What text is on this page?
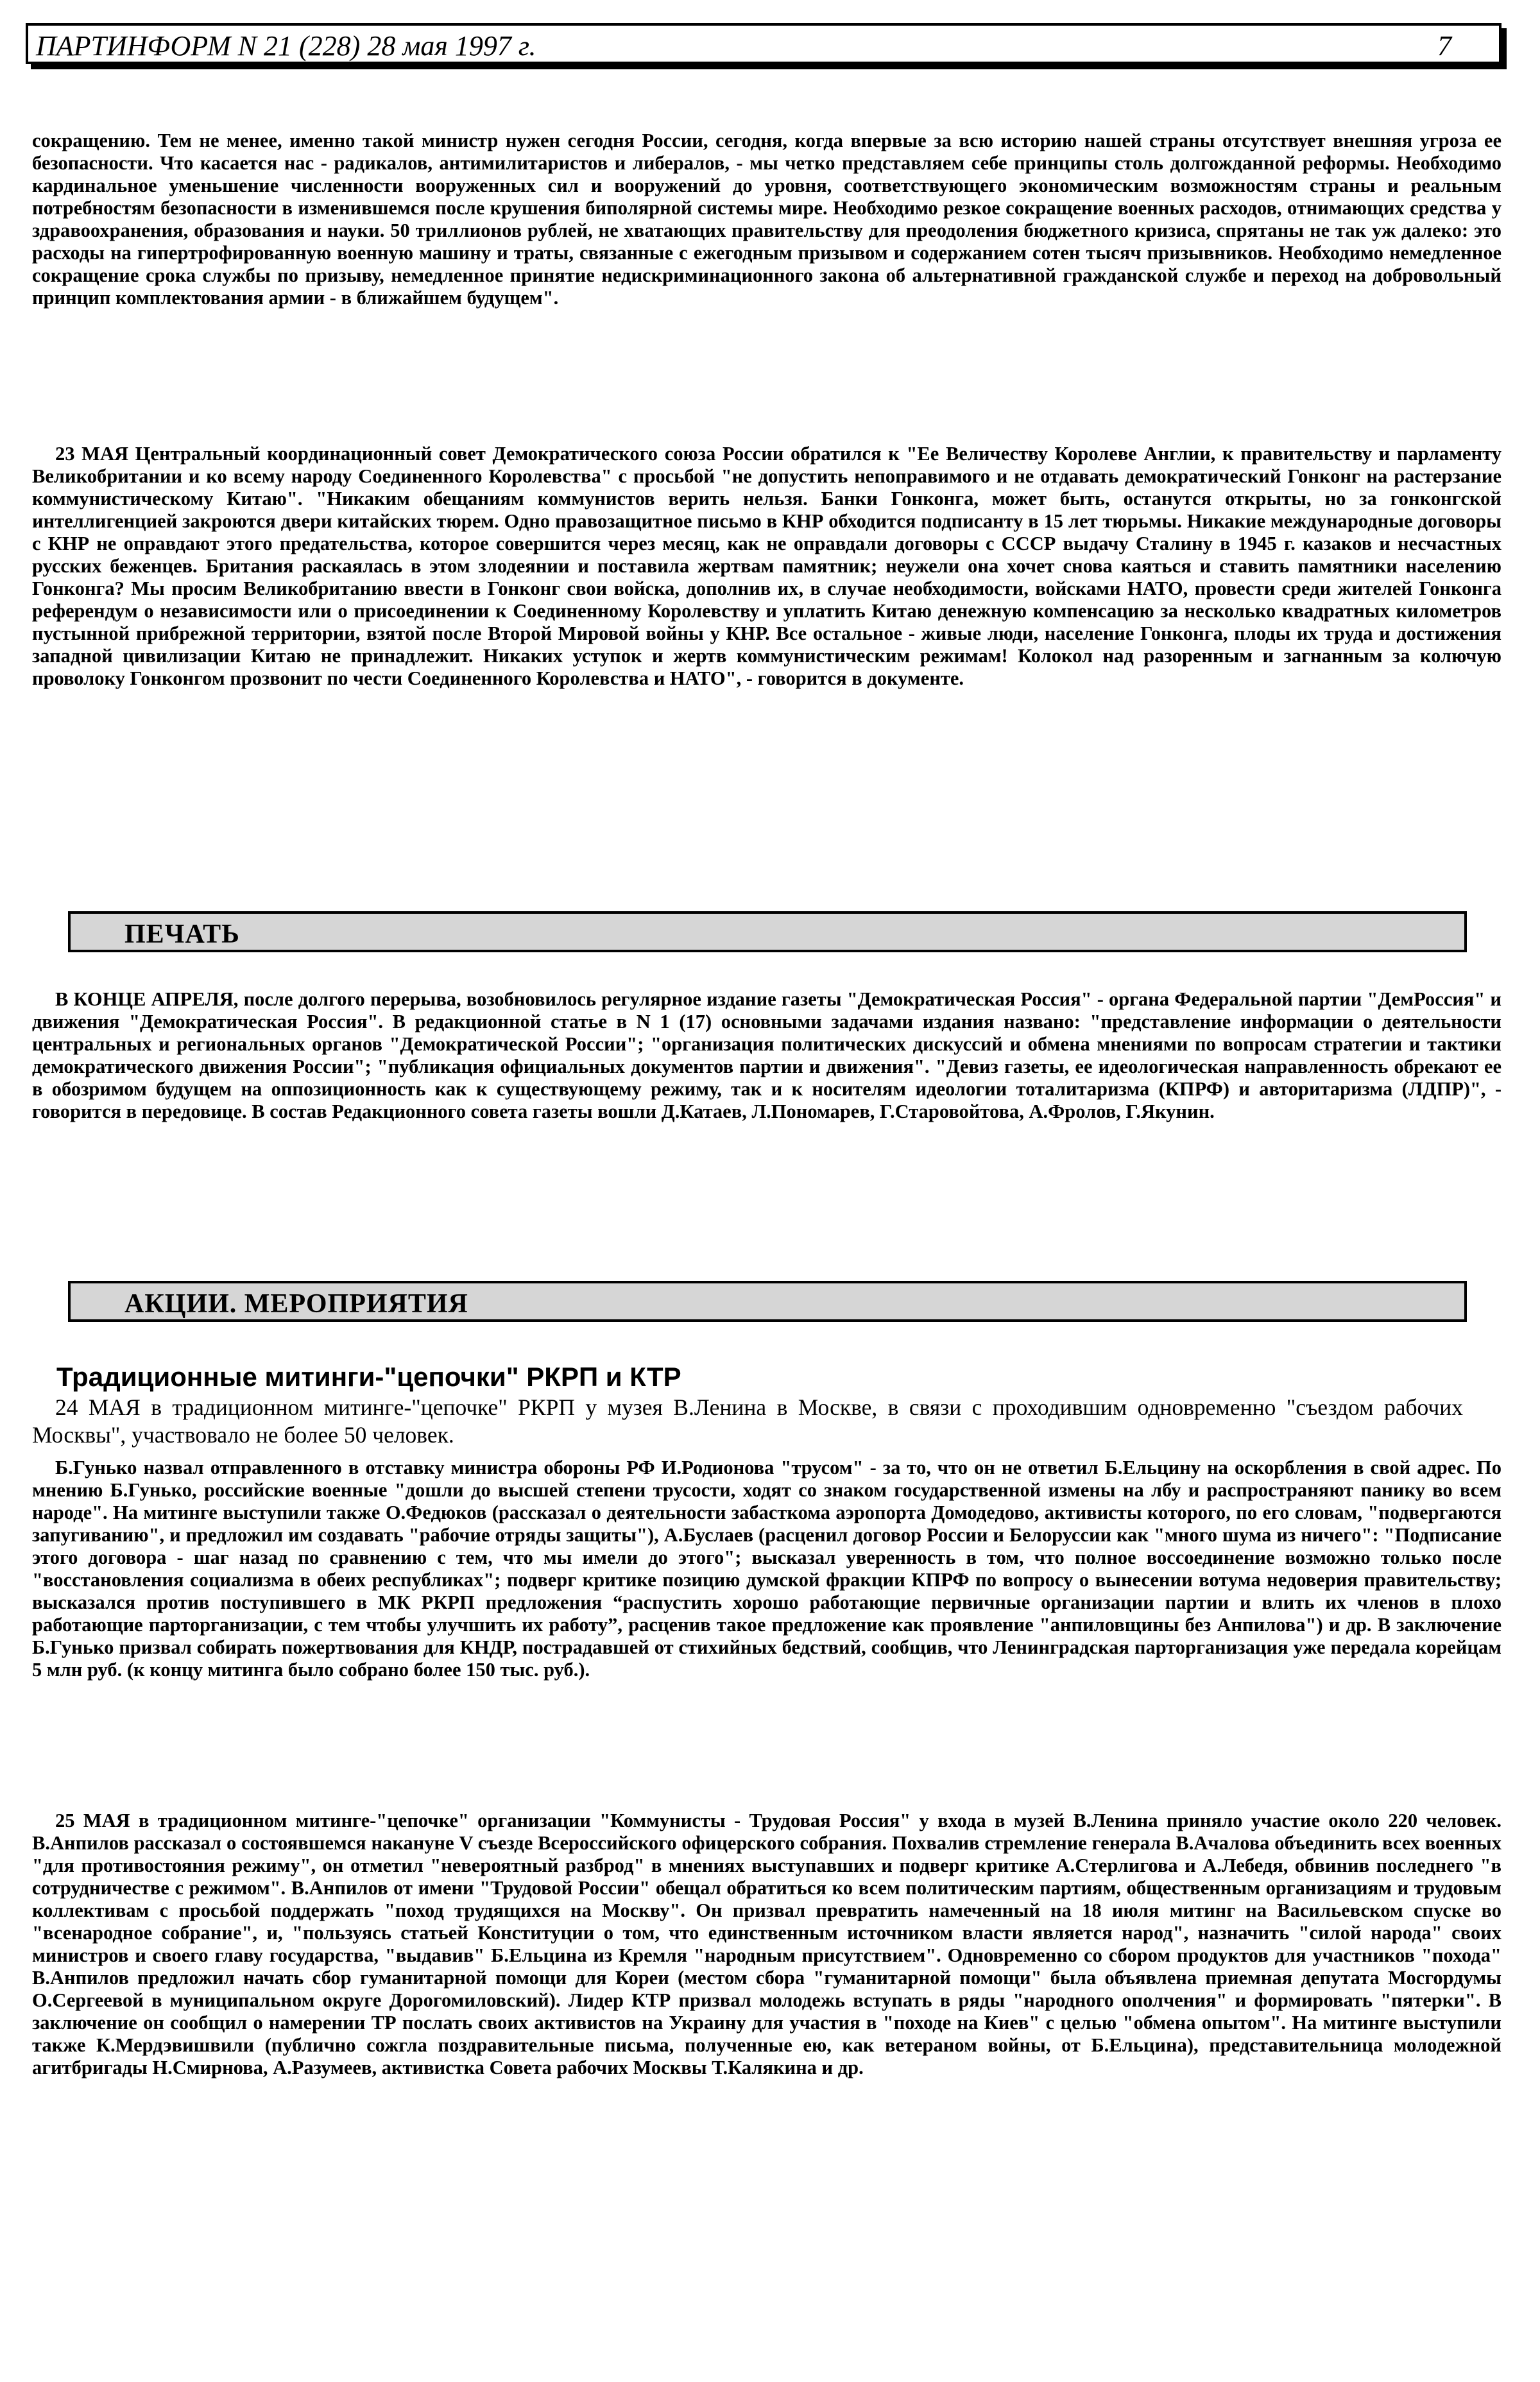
ПАРТИНФОРМ N 21 (228) 28 мая 1997 г.	7

сокращению. Тем не менее, именно такой министр нужен сегодня России, сегодня, когда впервые за всю историю нашей страны отсутствует внешняя угроза ее безопасности. Что касается нас - радикалов, антимилитаристов и либералов, - мы четко представляем себе принципы столь долгожданной реформы. Необходимо кардинальное уменьшение численности вооруженных сил и вооружений до уровня, соответствующего экономическим возможностям страны и реальным потребностям безопасности в изменившемся после крушения биполярной системы мире. Необходимо резкое сокращение военных расходов, отнимающих средства у здравоохранения, образования и науки. 50 триллионов рублей, не хватающих правительству для преодоления бюджетного кризиса, спрятаны не так уж далеко: это расходы на гипертрофированную военную машину и траты, связанные с ежегодным призывом и содержанием сотен тысяч призывников. Необходимо немедленное сокращение срока службы по призыву, немедленное принятие недискриминационного закона об альтернативной гражданской службе и переход на добровольный принцип комплектования армии - в ближайшем будущем".

23 МАЯ Центральный координационный совет Демократического союза России обратился к "Ее Величеству Королеве Англии, к правительству и парламенту Великобритании и ко всему народу Соединенного Королевства" с просьбой "не допустить непоправимого и не отдавать демократический Гонконг на растерзание коммунистическому Китаю". "Никаким обещаниям коммунистов верить нельзя. Банки Гонконга, может быть, останутся открыты, но за гонконгской интеллигенцией закроются двери китайских тюрем. Одно правозащитное письмо в КНР обходится подписанту в 15 лет тюрьмы. Никакие международные договоры с КНР не оправдают этого предательства, которое совершится через месяц, как не оправдали договоры с СССР выдачу Сталину в 1945 г. казаков и несчастных русских беженцев. Британия раскаялась в этом злодеянии и поставила жертвам памятник; неужели она хочет снова каяться и ставить памятники населению Гонконга? Мы просим Великобританию ввести в Гонконг свои войска, дополнив их, в случае необходимости, войсками НАТО, провести среди жителей Гонконга референдум о независимости или о присоединении к Соединенному Королевству и уплатить Китаю денежную компенсацию за несколько квадратных километров пустынной прибрежной территории, взятой после Второй Мировой войны у КНР. Все остальное - живые люди, население Гонконга, плоды их труда и достижения западной цивилизации Китаю не принадлежит. Никаких уступок и жертв коммунистическим режимам! Колокол над разоренным и загнанным за колючую проволоку Гонконгом прозвонит по чести Соединенного Королевства и НАТО", - говорится в документе.

ПЕЧАТЬ

В КОНЦЕ АПРЕЛЯ, после долгого перерыва, возобновилось регулярное издание газеты "Демократическая Россия" - органа Федеральной партии "ДемРоссия" и движения "Демократическая Россия". В редакционной статье в N 1 (17) основными задачами издания названо: "представление информации о деятельности центральных и региональных органов "Демократической России"; "организация политических дискуссий и обмена мнениями по вопросам стратегии и тактики демократического движения России"; "публикация официальных документов партии и движения". "Девиз газеты, ее идеологическая направленность обрекают ее в обозримом будущем на оппозиционность как к существующему режиму, так и к носителям идеологии тоталитаризма (КПРФ) и авторитаризма (ЛДПР)", - говорится в передовице. В состав Редакционного совета газеты вошли Д.Катаев, Л.Пономарев, Г.Старовойтова, А.Фролов, Г.Якунин.

АКЦИИ. МЕРОПРИЯТИЯ
Традиционные митинги-"цепочки" РКРП и КТР

24 МАЯ в традиционном митинге-"цепочке" РКРП у музея В.Ленина в Москве, в связи с проходившим одновременно "съездом рабочих Москвы", участвовало не более 50 человек.

Б.Гунько назвал отправленного в отставку министра обороны РФ И.Родионова "трусом" - за то, что он не ответил Б.Ельцину на оскорбления в свой адрес. По мнению Б.Гунько, российские военные "дошли до высшей степени трусости, ходят со знаком государственной измены на лбу и распространяют панику во всем народе". На митинге выступили также О.Федюков (рассказал о деятельности забасткома аэропорта Домодедово, активисты которого, по его словам, "подвергаются запугиванию", и предложил им создавать "рабочие отряды защиты"), А.Буслаев (расценил договор России и Белоруссии как "много шума из ничего": "Подписание этого договора - шаг назад по сравнению с тем, что мы имели до этого"; высказал уверенность в том, что полное воссоединение возможно только после "восстановления социализма в обеих республиках"; подверг критике позицию думской фракции КПРФ по вопросу о вынесении вотума недоверия правительству; высказался против поступившего в МК РКРП предложения “распустить хорошо работающие первичные организации партии и влить их членов в плохо работающие парторганизации, с тем чтобы улучшить их работу”, расценив такое предложение как проявление "анпиловщины без Анпилова") и др. В заключение Б.Гунько призвал собирать пожертвования для КНДР, пострадавшей от стихийных бедствий, сообщив, что Ленинградская парторганизация уже передала корейцам 5 млн руб. (к концу митинга было собрано более 150 тыс. руб.).

25 МАЯ в традиционном митинге-"цепочке" организации "Коммунисты - Трудовая Россия" у входа в музей В.Ленина приняло участие около 220 человек. В.Анпилов рассказал о состоявшемся накануне V съезде Всероссийского офицерского собрания. Похвалив стремление генерала В.Ачалова объединить всех военных "для противостояния режиму", он отметил "невероятный разброд" в мнениях выступавших и подверг критике А.Стерлигова и А.Лебедя, обвинив последнего "в сотрудничестве с режимом". В.Анпилов от имени "Трудовой России" обещал обратиться ко всем политическим партиям, общественным организациям и трудовым коллективам с просьбой поддержать "поход трудящихся на Москву". Он призвал превратить намеченный на 18 июля митинг на Васильевском спуске во "всенародное собрание", и, "пользуясь статьей Конституции о том, что единственным источником власти является народ", назначить "силой народа" своих министров и своего главу государства, "выдавив" Б.Ельцина из Кремля "народным присутствием". Одновременно со сбором продуктов для участников "похода" В.Анпилов предложил начать сбор гуманитарной помощи для Кореи (местом сбора "гуманитарной помощи" была объявлена приемная депутата Мосгордумы О.Сергеевой в муниципальном округе Дорогомиловский). Лидер КТР призвал молодежь вступать в ряды "народного ополчения" и формировать "пятерки". В заключение он сообщил о намерении ТР послать своих активистов на Украину для участия в "походе на Киев" с целью "обмена опытом". На митинге выступили также К.Мердэвишвили (публично сожгла поздравительные письма, полученные ею, как ветераном войны, от Б.Ельцина), представительница молодежной агитбригады Н.Смирнова, А.Разумеев, активистка Совета рабочих Москвы Т.Калякина и др.
